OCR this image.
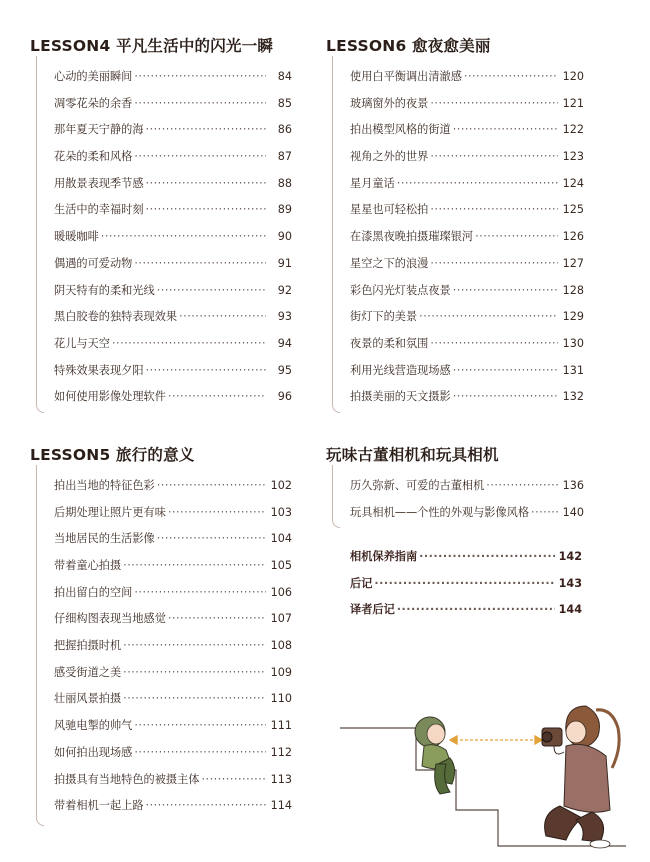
LESSON4 平凡生活中的闪光一瞬
心动的美丽瞬间 ·····	84
凋零花朵的余香 ·····	85
那年夏天宁静的海 ·····	86
花朵的柔和风格 ·····	87
用散景表现季节感 ·····	88
生活中的幸福时刻 ·····	89
暖暖咖啡 ·····	90
偶遇的可爱动物 ·····	91
阴天特有的柔和光线 ·····	92
黑白胶卷的独特表现效果 ·····	93
花儿与天空 ·····	94
特殊效果表现夕阳 ·····	95
如何使用影像处理软件 ·····	96
LESSON5 旅行的意义
拍出当地的特征色彩 ·····	102
后期处理让照片更有味 ·····	103
当地居民的生活影像 ·····	104
带着童心拍摄 ·····	105
拍出留白的空间 ·····	106
仔细构图表现当地感觉 ·····	107
把握拍摄时机 ·····	108
感受街道之美 ·····	109
壮丽风景拍摄 ·····	110
风驰电掣的帅气 ·····	111
如何拍出现场感 ·····	112
拍摄具有当地特色的被摄主体 ·····	113
带着相机一起上路 ·····	114
LESSON6 愈夜愈美丽
使用白平衡调出清澈感 ·····	120
玻璃窗外的夜景 ·····	121
拍出模型风格的街道 ·····	122
视角之外的世界 ·····	123
星月童话 ·····	124
星星也可轻松拍 ·····	125
在漆黑夜晚拍摄璀璨银河 ·····	126
星空之下的浪漫 ·····	127
彩色闪光灯装点夜景 ·····	128
街灯下的美景 ·····	129
夜景的柔和氛围 ·····	130
利用光线营造现场感 ·····	131
拍摄美丽的天文摄影 ·····	132
玩味古董相机和玩具相机
历久弥新、可爱的古董相机 ·····	136
玩具相机——个性的外观与影像风格 ·····	140
相机保养指南 ·····	142
后记 ·····	143
译者后记 ·····	144
